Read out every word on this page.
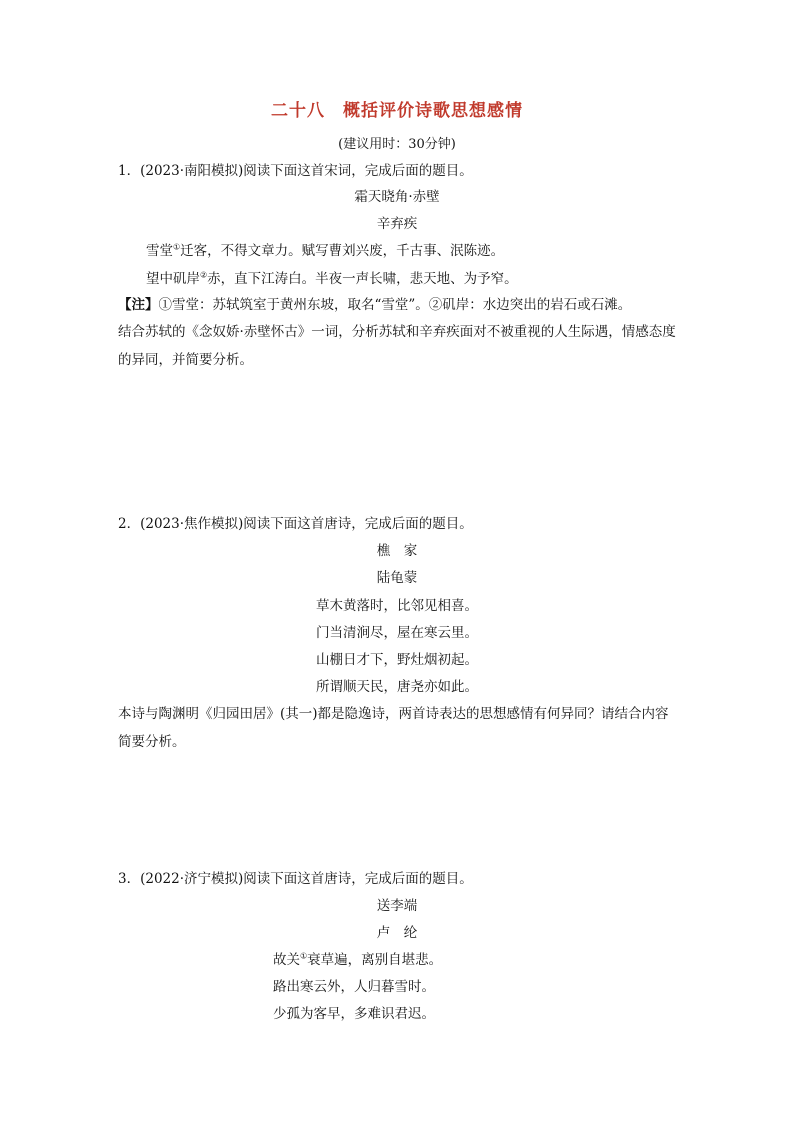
二十八　概括评价诗歌思想感情
(建议用时：30分钟)
1．(2023·南阳模拟)阅读下面这首宋词，完成后面的题目。
霜天晓角·赤壁
辛弃疾
雪堂①迁客，不得文章力。赋写曹刘兴废，千古事、泯陈迹。
望中矶岸②赤，直下江涛白。半夜一声长啸，悲天地、为予窄。
【注】①雪堂：苏轼筑室于黄州东坡，取名“雪堂”。②矶岸：水边突出的岩石或石滩。
结合苏轼的《念奴娇·赤壁怀古》一词，分析苏轼和辛弃疾面对不被重视的人生际遇，情感态度的异同，并简要分析。
2．(2023·焦作模拟)阅读下面这首唐诗，完成后面的题目。
樵　家
陆龟蒙
草木黄落时，比邻见相喜。
门当清涧尽，屋在寒云里。
山棚日才下，野灶烟初起。
所谓顺天民，唐尧亦如此。
本诗与陶渊明《归园田居》(其一)都是隐逸诗，两首诗表达的思想感情有何异同？请结合内容简要分析。
3．(2022·济宁模拟)阅读下面这首唐诗，完成后面的题目。
送李端
卢　纶
故关①衰草遍，离别自堪悲。
路出寒云外，人归暮雪时。
少孤为客早，多难识君迟。
